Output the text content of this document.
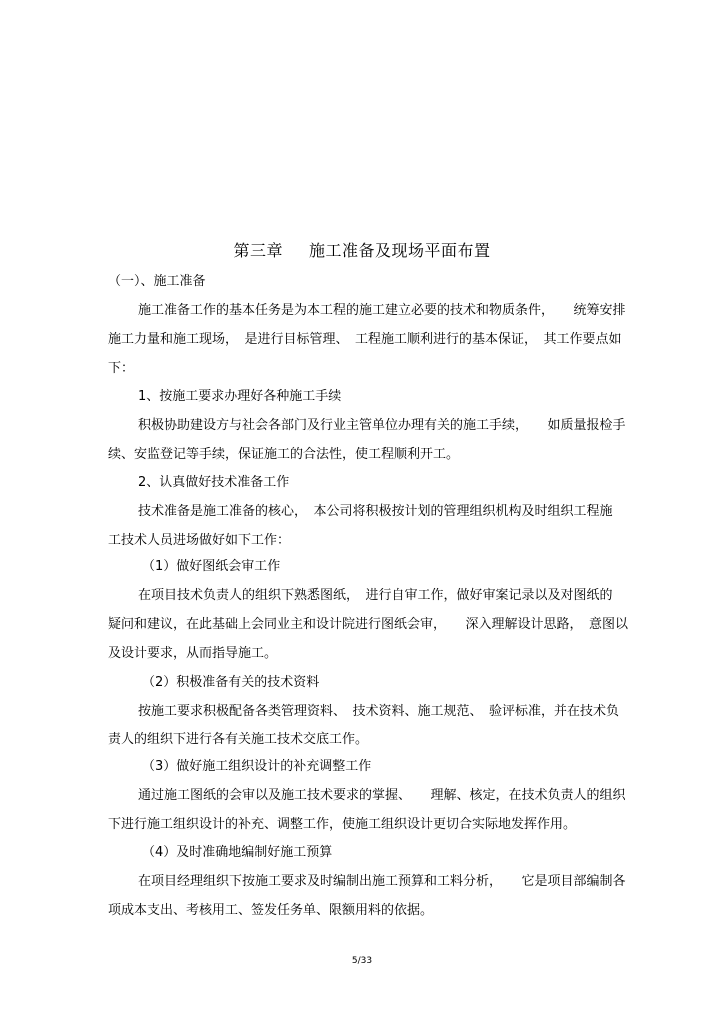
第三章 施工准备及现场平面布置
（一）、施工准备
施工准备工作的基本任务是为本工程的施工建立必要的技术和物质条件，　　统筹安排
施工力量和施工现场，　是进行目标管理、　工程施工顺利进行的基本保证，　其工作要点如
下：
1、按施工要求办理好各种施工手续
积极协助建设方与社会各部门及行业主管单位办理有关的施工手续，　　如质量报检手
续、安监登记等手续，保证施工的合法性，使工程顺利开工。
2、认真做好技术准备工作
技术准备是施工准备的核心，　本公司将积极按计划的管理组织机构及时组织工程施
工技术人员进场做好如下工作：
（1）做好图纸会审工作
在项目技术负责人的组织下熟悉图纸，　进行自审工作，做好审案记录以及对图纸的
疑问和建议，在此基础上会同业主和设计院进行图纸会审，　　深入理解设计思路，　意图以
及设计要求，从而指导施工。
（2）积极准备有关的技术资料
按施工要求积极配备各类管理资料、　技术资料、施工规范、　验评标准，并在技术负
责人的组织下进行各有关施工技术交底工作。
（3）做好施工组织设计的补充调整工作
通过施工图纸的会审以及施工技术要求的掌握、　　理解、核定，在技术负责人的组织
下进行施工组织设计的补充、调整工作，使施工组织设计更切合实际地发挥作用。
（4）及时准确地编制好施工预算
在项目经理组织下按施工要求及时编制出施工预算和工料分析，　　它是项目部编制各
项成本支出、考核用工、签发任务单、限额用料的依据。
5/33
